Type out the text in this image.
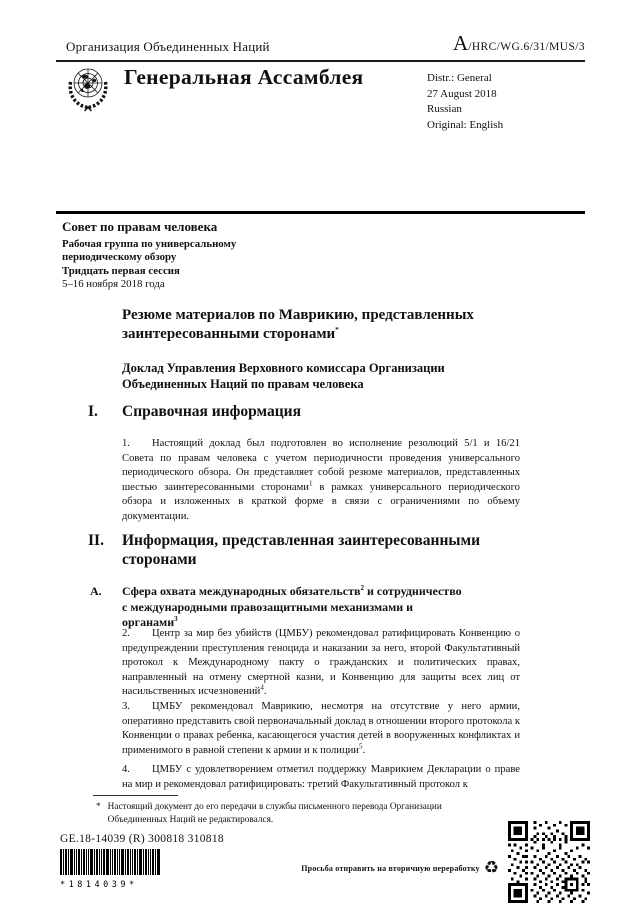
Организация Объединенных Наций	A /HRC/WG.6/31/MUS/3
Генеральная Ассамблея	Distr.: General
27 August 2018
Russian
Original: English
Совет по правам человека
Рабочая группа по универсальному
периодическому обзору
Тридцать первая сессия
5–16 ноября 2018 года
Резюме материалов по Маврикию, представленных заинтересованными сторонами*
Доклад Управления Верховного комиссара Организации Объединенных Наций по правам человека
I.	Справочная информация
1. Настоящий доклад был подготовлен во исполнение резолюций 5/1 и 16/21 Совета по правам человека с учетом периодичности проведения универсального периодического обзора. Он представляет собой резюме материалов, представленных шестью заинтересованными сторонами$^1$ в рамках универсального периодического обзора и изложенных в краткой форме в связи с ограничениями по объему документации.
II.	Информация, представленная заинтересованными сторонами
A.	Сфера охвата международных обязательств$^2$ и сотрудничество с международными правозащитными механизмами и органами$^3$
2. Центр за мир без убийств (ЦМБУ) рекомендовал ратифицировать Конвенцию о предупреждении преступления геноцида и наказании за него, второй Факультативный протокол к Международному пакту о гражданских и политических правах, направленный на отмену смертной казни, и Конвенцию для защиты всех лиц от насильственных исчезновений$^4$.
3. ЦМБУ рекомендовал Маврикию, несмотря на отсутствие у него армии, оперативно представить свой первоначальный доклад в отношении второго протокола к Конвенции о правах ребенка, касающегося участия детей в вооруженных конфликтах и применимого в равной степени к армии и к полиции$^5$.
4. ЦМБУ с удовлетворением отметил поддержку Маврикием Декларации о праве на мир и рекомендовал ратифицировать: третий Факультативный протокол к
* Настоящий документ до его передачи в службы письменного перевода Организации Объединенных Наций не редактировался.
GE.18-14039 (R) 300818 310818
*1814039*
Просьба отправить на вторичную переработку ♻
